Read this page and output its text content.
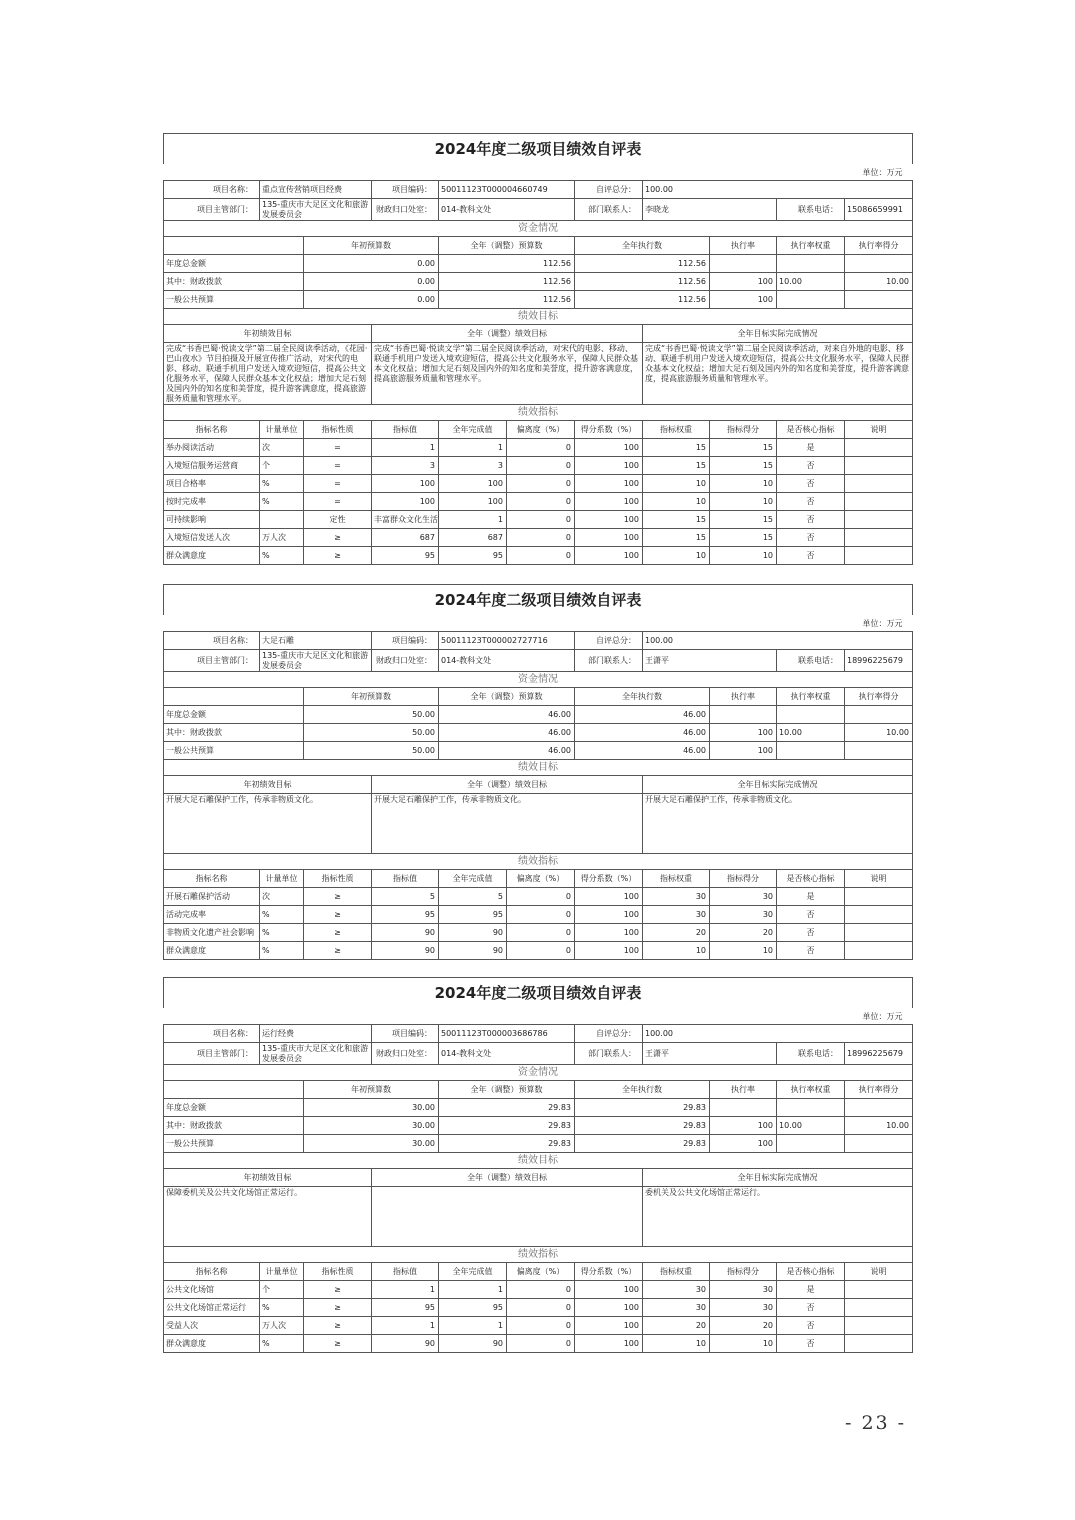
2024年度二级项目绩效自评表											
单位：万元											
项目名称：	重点宣传营销项目经费		项目编码：	50011123T000004660749		自评总分：	100.00				
项目主管部门：	135-重庆市大足区文化和旅游发展委员会		财政归口处室：	014-教科文处		部门联系人：	李晓龙		联系电话：	15086659991	
资金情况											
		年初预算数		全年（调整）预算数		全年执行数		执行率	执行率权重	执行率得分	
年度总金额		0.00		112.56		112.56					
其中：财政拨款		0.00		112.56		112.56		100	10.00	10.00	
一般公共预算		0.00		112.56		112.56		100			
绩效目标											
年初绩效目标			全年（调整）绩效目标				全年目标实际完成情况				
完成“书香巴蜀·悦读文学”第二届全民阅读季活动，《花园·巴山夜水》节目拍摄及开展宣传推广活动，对宋代的电影、移动、联通手机用户发送入境欢迎短信，提高公共文化服务水平，保障人民群众基本文化权益；增加大足石刻及国内外的知名度和美誉度，提升游客满意度，提高旅游服务质量和管理水平。			完成“书香巴蜀·悦读文学”第二届全民阅读季活动，对宋代的电影、移动、联通手机用户发送入境欢迎短信，提高公共文化服务水平，保障人民群众基本文化权益；增加大足石刻及国内外的知名度和美誉度，提升游客满意度，提高旅游服务质量和管理水平。				完成“书香巴蜀·悦读文学”第二届全民阅读季活动，对来自外地的电影、移动、联通手机用户发送入境欢迎短信，提高公共文化服务水平，保障人民群众基本文化权益；增加大足石刻及国内外的知名度和美誉度，提升游客满意度，提高旅游服务质量和管理水平。				
绩效指标											
指标名称	计量单位	指标性质	指标值	全年完成值	偏离度（%）	得分系数（%）	指标权重	指标得分	是否核心指标	说明	
举办阅读活动	次	=	1	1	0	100	15	15	是		
入境短信服务运营商	个	=	3	3	0	100	15	15	否		
项目合格率	%	=	100	100	0	100	10	10	否		
按时完成率	%	=	100	100	0	100	10	10	否		
可持续影响		定性	丰富群众文化生活	1	0	100	15	15	否		
入境短信发送人次	万人次	≥	687	687	0	100	15	15	否		
群众满意度	%	≥	95	95	0	100	10	10	否		
2024年度二级项目绩效自评表											
单位：万元											
项目名称：	大足石雕		项目编码：	50011123T000002727716		自评总分：	100.00				
项目主管部门：	135-重庆市大足区文化和旅游发展委员会		财政归口处室：	014-教科文处		部门联系人：	王潇平		联系电话：	18996225679	
资金情况											
		年初预算数		全年（调整）预算数		全年执行数		执行率	执行率权重	执行率得分	
年度总金额		50.00		46.00		46.00					
其中：财政拨款		50.00		46.00		46.00		100	10.00	10.00	
一般公共预算		50.00		46.00		46.00		100			
绩效目标											
年初绩效目标			全年（调整）绩效目标				全年目标实际完成情况				
开展大足石雕保护工作，传承非物质文化。			开展大足石雕保护工作，传承非物质文化。				开展大足石雕保护工作，传承非物质文化。				
绩效指标											
指标名称	计量单位	指标性质	指标值	全年完成值	偏离度（%）	得分系数（%）	指标权重	指标得分	是否核心指标	说明	
开展石雕保护活动	次	≥	5	5	0	100	30	30	是		
活动完成率	%	≥	95	95	0	100	30	30	否		
非物质文化遗产社会影响	%	≥	90	90	0	100	20	20	否		
群众满意度	%	≥	90	90	0	100	10	10	否		
2024年度二级项目绩效自评表											
单位：万元											
项目名称：	运行经费		项目编码：	50011123T000003686786		自评总分：	100.00				
项目主管部门：	135-重庆市大足区文化和旅游发展委员会		财政归口处室：	014-教科文处		部门联系人：	王潇平		联系电话：	18996225679	
资金情况											
		年初预算数		全年（调整）预算数		全年执行数		执行率	执行率权重	执行率得分	
年度总金额		30.00		29.83		29.83					
其中：财政拨款		30.00		29.83		29.83		100	10.00	10.00	
一般公共预算		30.00		29.83		29.83		100			
绩效目标											
年初绩效目标			全年（调整）绩效目标				全年目标实际完成情况				
保障委机关及公共文化场馆正常运行。							委机关及公共文化场馆正常运行。				
绩效指标											
指标名称	计量单位	指标性质	指标值	全年完成值	偏离度（%）	得分系数（%）	指标权重	指标得分	是否核心指标	说明	
公共文化场馆	个	≥	1	1	0	100	30	30	是		
公共文化场馆正常运行	%	≥	95	95	0	100	30	30	否		
受益人次	万人次	≥	1	1	0	100	20	20	否		
群众满意度	%	≥	90	90	0	100	10	10	否		
- 23 -
